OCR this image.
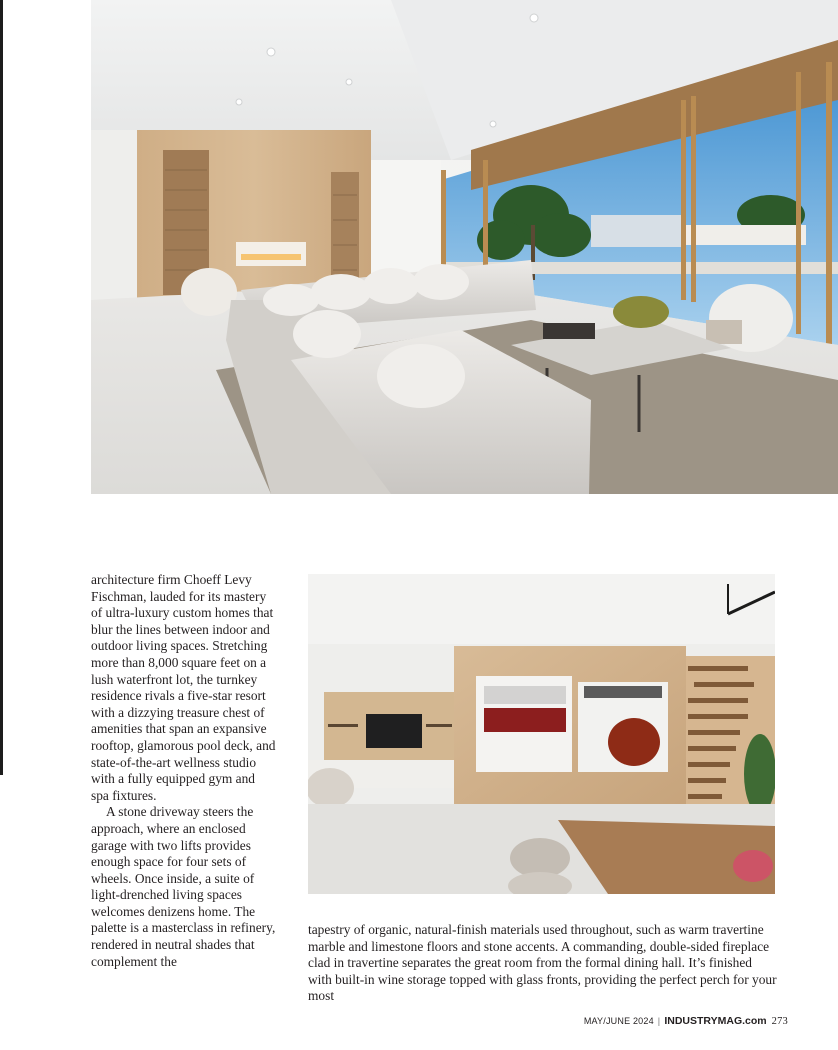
architecture firm Choeff Levy Fischman, lauded for its mastery of ultra-luxury custom homes that blur the lines between indoor and outdoor living spaces. Stretching more than 8,000 square feet on a lush waterfront lot, the turnkey residence rivals a five-star resort with a dizzying treasure chest of amenities that span an expansive rooftop, glamorous pool deck, and state-of-the-art wellness studio with a fully equipped gym and spa fixtures.

A stone driveway steers the approach, where an enclosed garage with two lifts provides enough space for four sets of wheels. Once inside, a suite of light-drenched living spaces welcomes denizens home. The palette is a masterclass in refinery, rendered in neutral shades that complement the

tapestry of organic, natural-finish materials used throughout, such as warm travertine marble and limestone floors and stone accents. A commanding, double-sided fireplace clad in travertine separates the great room from the formal dining hall. It’s finished with built-in wine storage topped with glass fronts, providing the perfect perch for your most

MAY/JUNE 2024 | INDUSTRYMAG.com 273
